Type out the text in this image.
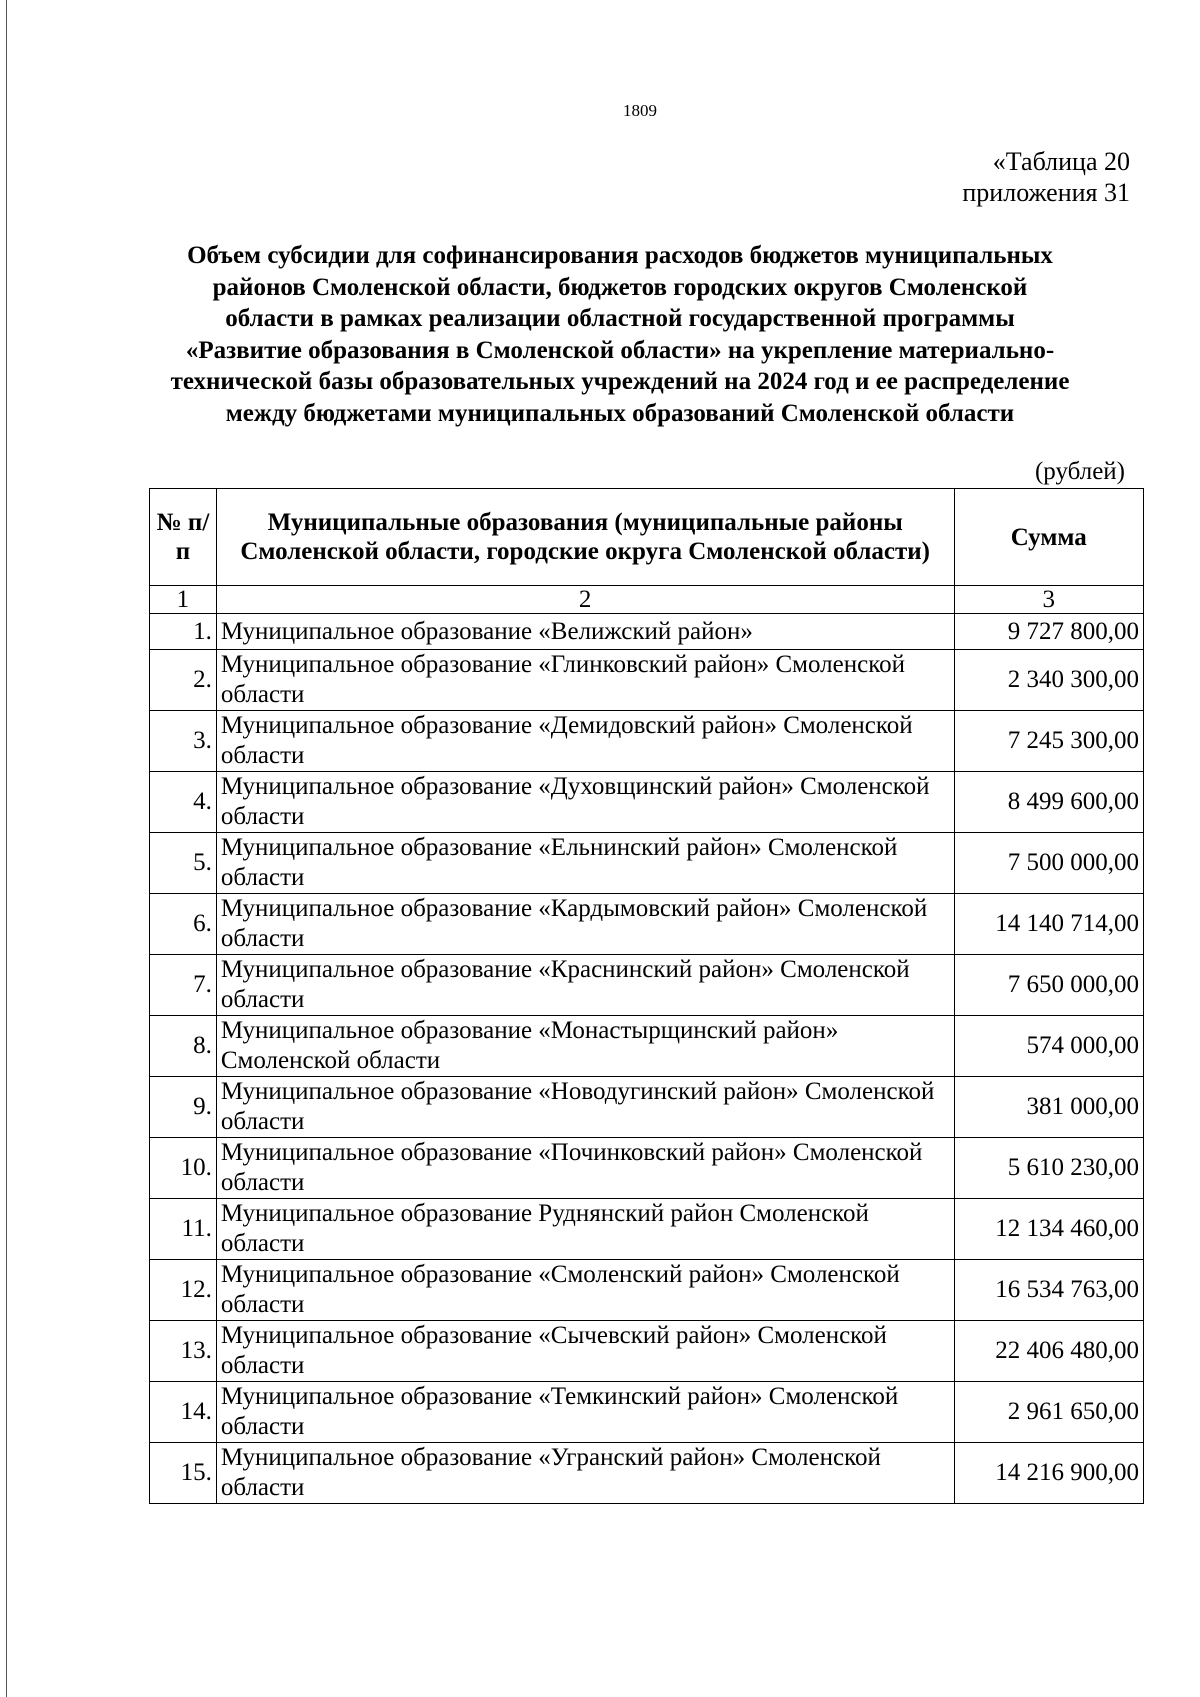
1809
«Таблица 20
приложения 31
Объем субсидии для софинансирования расходов бюджетов муниципальных
районов Смоленской области, бюджетов городских округов Смоленской
области в рамках реализации областной государственной программы
«Развитие образования в Смоленской области» на укрепление материально-
технической базы образовательных учреждений на 2024 год и ее распределение
между бюджетами муниципальных образований Смоленской области
(рублей)
№ п/п	Муниципальные образования (муниципальные районы Смоленской области, городские округа Смоленской области)	Сумма
1	2	3
1.	Муниципальное образование «Велижский район»	9 727 800,00
2.	Муниципальное образование «Глинковский район» Смоленской области	2 340 300,00
3.	Муниципальное образование «Демидовский район» Смоленской области	7 245 300,00
4.	Муниципальное образование «Духовщинский район» Смоленской области	8 499 600,00
5.	Муниципальное образование «Ельнинский район» Смоленской области	7 500 000,00
6.	Муниципальное образование «Кардымовский район» Смоленской области	14 140 714,00
7.	Муниципальное образование «Краснинский район» Смоленской области	7 650 000,00
8.	Муниципальное образование «Монастырщинский район» Смоленской области	574 000,00
9.	Муниципальное образование «Новодугинский район» Смоленской области	381 000,00
10.	Муниципальное образование «Починковский район» Смоленской области	5 610 230,00
11.	Муниципальное образование Руднянский район Смоленской области	12 134 460,00
12.	Муниципальное образование «Смоленский район» Смоленской области	16 534 763,00
13.	Муниципальное образование «Сычевский район» Смоленской области	22 406 480,00
14.	Муниципальное образование «Темкинский район» Смоленской области	2 961 650,00
15.	Муниципальное образование «Угранский район» Смоленской области	14 216 900,00
